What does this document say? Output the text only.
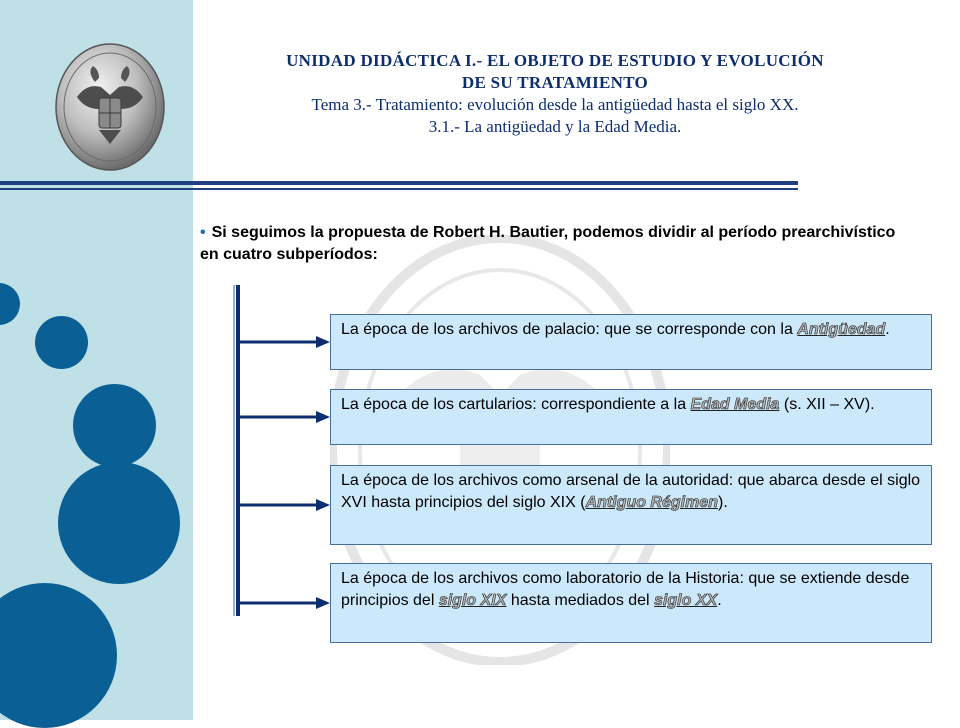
UNIDAD DIDÁCTICA I.- EL OBJETO DE ESTUDIO Y EVOLUCIÓN
DE SU TRATAMIENTO
Tema 3.- Tratamiento: evolución desde la antigüedad hasta el siglo XX.
3.1.- La antigüedad y la Edad Media.
• Si seguimos la propuesta de Robert H. Bautier, podemos dividir al período prearchivístico en cuatro subperíodos:
La época de los archivos de palacio: que se corresponde con la Antigüedad.
La época de los cartularios: correspondiente a la Edad Media (s. XII – XV).
La época de los archivos como arsenal de la autoridad: que abarca desde el siglo XVI hasta principios del siglo XIX (Antiguo Régimen).
La época de los archivos como laboratorio de la Historia: que se extiende desde principios del siglo XIX hasta mediados del siglo XX.
